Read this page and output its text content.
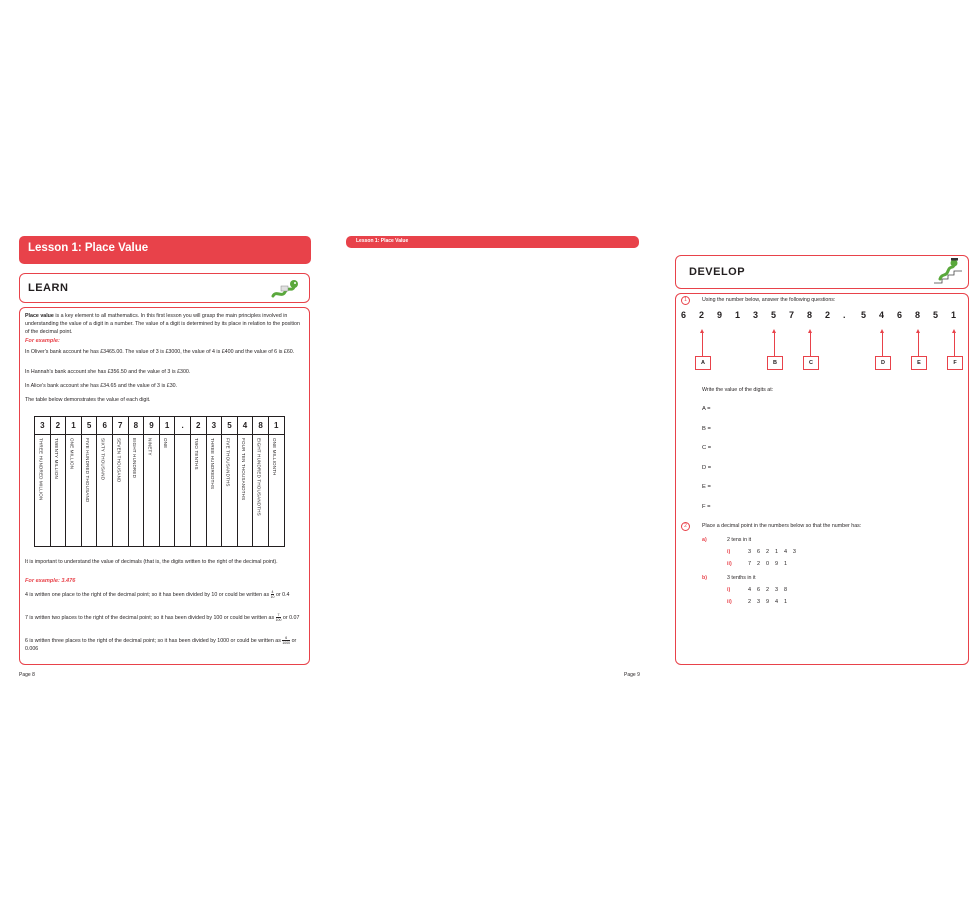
Lesson 1: Place Value
LEARN
Place value is a key element to all mathematics. In this first lesson you will grasp the main principles involved in understanding the value of a digit in a number. The value of a digit is determined by its place in relation to the position of the decimal point.
For example:
In Oliver's bank account he has £3465.00. The value of 3 is £3000, the value of 4 is £400 and the value of 6 is £60.
In Hannah's bank account she has £356.50 and the value of 3 is £300.
In Alice's bank account she has £34.65 and the value of 3 is £30.
The table below demonstrates the value of each digit.
3	2	1	5	6	7	8	9	1	.	2	3	5	4	8	1

THREE HUNDRED MILLION	TWENTY MILLION	ONE MILLION	FIVE HUNDRED THOUSAND	SIXTY THOUSAND	SEVEN THOUSAND	EIGHT HUNDRED	NINETY	ONE		TWO TENTHS	THREE HUNDREDTHS	FIVE THOUSANDTHS	FOUR TEN THOUSANDTHS	EIGHT HUNDRED THOUSANDTHS	ONE MILLIONTH
It is important to understand the value of decimals (that is, the digits written to the right of the decimal point).
For example: 3.476
4 is written one place to the right of the decimal point; so it has been divided by 10 or could be written as $\frac{4}{10}$ or 0.4
7 is written two places to the right of the decimal point; so it has been divided by 100 or could be written as $\frac{7}{100}$ or 0.07
6 is written three places to the right of the decimal point; so it has been divided by 1000 or could be written as $\frac{6}{1000}$ or 0.006
Page 8
Lesson 1: Place Value
DEVELOP
1	Using the number below, answer the following questions:
6 2 9 1 3 5 7 8 2 . 5 4 6 8 5 1
A	B	C	D	E	F
Write the value of the digits at:
A =
B =
C =
D =
E =
F =
2	Place a decimal point in the numbers below so that the number has:
a)	2 tens in it
i)	3 6 2 1 4 3
ii)	7 2 0 9 1
b)	3 tenths in it
i)	4 6 2 3 8
ii)	2 3 9 4 1
Page 9
